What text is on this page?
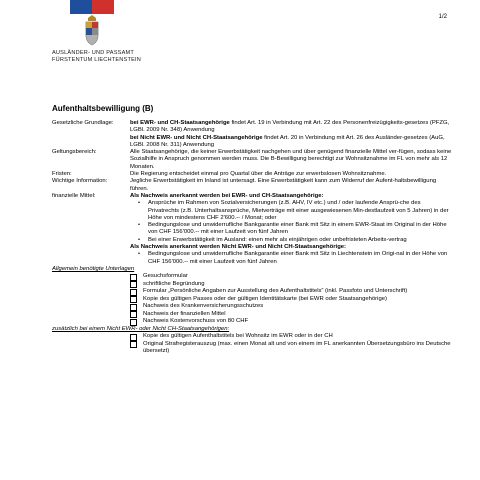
1/2
AUSLÄNDER- UND PASSAMT
FÜRSTENTUM LIECHTENSTEIN
Aufenthaltsbewilligung (B)
Gesetzliche Grundlage:	bei EWR- und CH-Staatsangehörige findet Art. 19 in Verbindung mit Art. 22 des Personenfreizügigkeits-gesetzes (PFZG, LGBl. 2009 Nr. 348) Anwendung
bei Nicht EWR- und Nicht CH-Staatsangehörige findet Art. 20 in Verbindung mit Art. 26 des Ausländer-gesetzes (AuG, LGBl. 2008 Nr. 311) Anwendung
Geltungsbereich:	Alle Staatsangehörige, die keiner Erwerbstätigkeit nachgehen und über genügend finanzielle Mittel ver-fügen, sodass keine Sozialhilfe in Anspruch genommen werden muss. Die B-Bewilligung berechtigt zur Wohnsitznahme im FL von mehr als 12 Monaten.
Fristen:	Die Regierung entscheidet einmal pro Quartal über die Anträge zur erwerbslosen Wohnsitznahme.
Wichtige Information:	Jegliche Erwerbstätigkeit im Inland ist untersagt. Eine Erwerbstätigkeit kann zum Widerruf der Aufent-haltsbewilligung führen.
finanzielle Mittel:	Als Nachweis anerkannt werden bei EWR- und CH-Staatsangehörige:
• Ansprüche im Rahmen von Sozialversicherungen (z.B. AHV, IV etc.) und / oder laufende Ansprü-che des Privatrechts (z.B. Unterhaltsansprüche, Mietverträge mit einer ausgewiesenen Min-destlaufzeit von 5 Jahren) in der Höhe von mindestens CHF 2'600.-- / Monat; oder
• Bedingungslose und unwiderrufliche Bankgarantie einer Bank mit Sitz in einem EWR-Staat im Original in der Höhe von CHF 156'000.-- mit einer Laufzeit von fünf Jahren
• Bei einer Erwerbstätigkeit im Ausland: einen mehr als einjährigen oder unbefristeten Arbeits-vertrag
Als Nachweis anerkannt werden Nicht EWR- und Nicht CH-Staatsangehörige:
• Bedingungslose und unwiderrufliche Bankgarantie einer Bank mit Sitz in Liechtenstein im Origi-nal in der Höhe von CHF 156'000.-- mit einer Laufzeit von fünf Jahren
Allgemein benötigte Unterlagen
Gesuchsformular
schriftliche Begründung
Formular „Persönliche Angaben zur Ausstellung des Aufenthaltstitels“ (inkl. Passfoto und Unterschrift)
Kopie des gültigen Passes oder der gültigen Identitätskarte (bei EWR oder Staatsangehörige)
Nachweis des Krankenversicherungsschutzes
Nachweis der finanziellen Mittel
Nachweis Kostenvorschuss von 80 CHF
zusätzlich bei einem Nicht EWR- oder Nicht CH-Staatsangehörigen:
Kopie des gültigen Aufenthaltstitels bei Wohnsitz im EWR oder in der CH
Original Strafregisterauszug (max. einen Monat alt und von einem im FL anerkannten Übersetzungsbüro ins Deutsche übersetzt)
